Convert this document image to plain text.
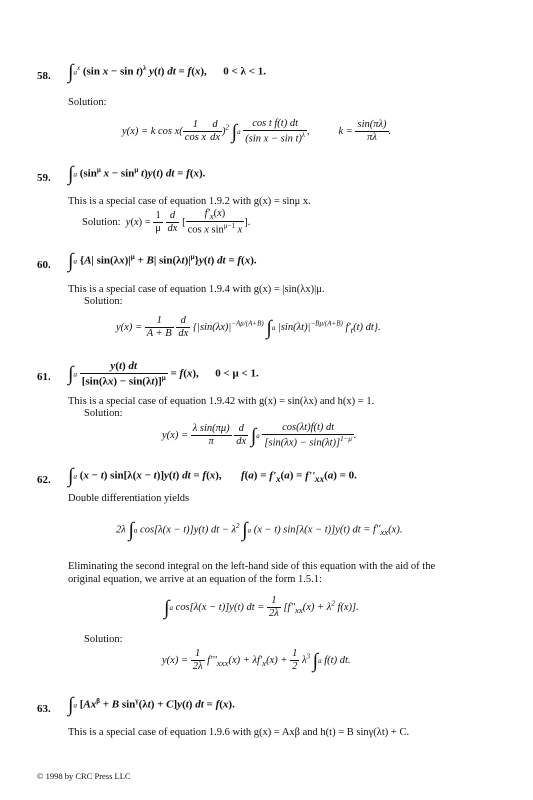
58. $\int a^x$ (sin x − sin t)$^\lambda$ y(t) dt = f(x),      0 < λ < 1.
Solution:
y(x) = k $\cos x( \frac{1}{\text{cos x}} \frac{d}{dx} )^2$ $\int a \frac{\text{cos t f(t) dt}}{(\sin x - \sin t)^\lambda}$ ,           $k = \frac{\sin(\pi\lambda)}{\pi\lambda}$ .
59. ∫a ($\sin^\mu$ $x - \sin^\mu t)y(t)$ dt = f(x).
This is a special case of equation 1.9.2 with g(x) = sinμ x.
Solution: $y(x) = \frac{1}{\mu}$
$\frac{d}{dx}$ [ $\frac{f'_x(x)}{\cos x \sin^{\mu-1} x}$ ].
60. ∫a {A| $\sin(\lambda x)|^\mu + B|$ $\sin(\lambda t)|^\mu\}y(t)$ dt = f(x).
This is a special case of equation 1.9.4 with g(x) = |sin(λx)|μ.
Solution:
$y(x) = \frac{1}{A + B}$
$\frac{d}{dx} \{|\sin(\lambda x)|^{-A\mu/(A+B)}$ ∫a $|\sin(\lambda t)|^{-B\mu/(A+B)}$ $f'_t(t)$ dt}.
61. $\int a \frac{y(t) dt}{[\sin(\lambda x) - \sin(\lambda t)]^\mu} = f(x)$,      0 < μ < 1.
This is a special case of equation 1.9.42 with g(x) = sin(λx) and h(x) = 1.
Solution:
$y(x) = \frac{\text{λ sin(πμ)}}{\pi}$
$\frac{d}{dx} \int a \frac{\cos(\lambda t)f(t) dt}{[\sin(\lambda x) - \sin(\lambda t)]^{1-\mu}}$ .
62. ∫a (x − t) sin[λ(x − t)]y(t) dt = f(x),       $f(a) = f'_x(a) = f''_{xx}(a) = 0$.
Double differentiation yields
2λ ∫a cos[λ(x − t)]y(t) dt − $\lambda^2$ ∫a (x − t) sin[λ(x − t)]y(t) dt = $f''_{xx}(x)$.
Eliminating the second integral on the left-hand side of this equation with the aid of the
original equation, we arrive at an equation of the form 1.5.1:
∫a cos[λ(x − t)]y(t) dt = $\frac{1}{2\lambda} [f''_{xx}(x) + \lambda^2$ f(x)].
Solution:
$y(x) = \frac{1}{2\lambda} f'''_{xxx}(x) + \lambda f'_x(x) + \frac{1}{2} \lambda^3$ ∫a f(t) dt.
63. ∫a [$Ax^\beta + B$ $\sin^\gamma(\lambda t) + C]y(t)$ dt = f(x).
This is a special case of equation 1.9.6 with g(x) = Axβ and h(t) = B sinγ(λt) + C.
© 1998 by CRC Press LLC
